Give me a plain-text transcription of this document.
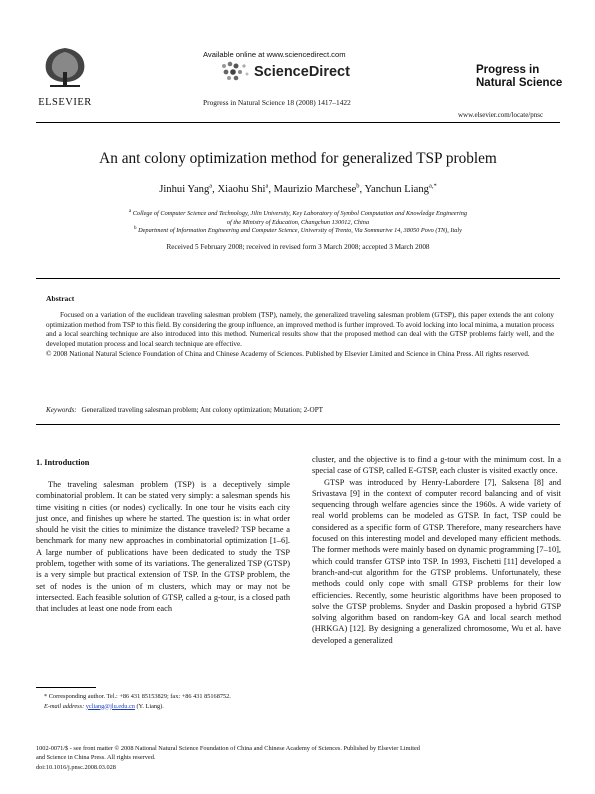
ELSEVIER
Available online at www.sciencedirect.com
ScienceDirect
Progress in Natural Science 18 (2008) 1417–1422
Progress in
Natural Science
www.elsevier.com/locate/pnsc
An ant colony optimization method for generalized TSP problem
Jinhui Yang$^a$, Xiaohu Shi$^a$, Maurizio Marchese$^b$, Yanchun Liang$^{a,*}$
$^a$ College of Computer Science and Technology, Jilin University, Key Laboratory of Symbol Computation and Knowledge Engineering
of the Ministry of Education, Changchun 130012, China
$^b$ Department of Information Engineering and Computer Science, University of Trento, Via Sommarive 14, 38050 Povo (TN), Italy
Received 5 February 2008; received in revised form 3 March 2008; accepted 3 March 2008
Abstract
Focused on a variation of the euclidean traveling salesman problem (TSP), namely, the generalized traveling salesman problem (GTSP), this paper extends the ant colony optimization method from TSP to this field. By considering the group influence, an improved method is further improved. To avoid locking into local minima, a mutation process and a local searching technique are also introduced into this method. Numerical results show that the proposed method can deal with the GTSP problems fairly well, and the developed mutation process and local search technique are effective.
© 2008 National Natural Science Foundation of China and Chinese Academy of Sciences. Published by Elsevier Limited and Science in China Press. All rights reserved.
Keywords: Generalized traveling salesman problem; Ant colony optimization; Mutation; 2-OPT
1. Introduction

The traveling salesman problem (TSP) is a deceptively simple combinatorial problem. It can be stated very simply: a salesman spends his time visiting n cities (or nodes) cyclically. In one tour he visits each city just once, and finishes up where he started. The question is: in what order should he visit the cities to minimize the distance traveled? TSP became a benchmark for many new approaches in combinatorial optimization [1–6]. A large number of publications have been dedicated to study the TSP problem, together with some of its variations. The generalized TSP (GTSP) is a very simple but practical extension of TSP. In the GTSP problem, the set of nodes is the union of m clusters, which may or may not be intersected. Each feasible solution of GTSP, called a g-tour, is a closed path that includes at least one node from each

* Corresponding author. Tel.: +86 431 85153829; fax: +86 431 85168752.
E-mail address: ycliang@jlu.edu.cn (Y. Liang).

cluster, and the objective is to find a g-tour with the minimum cost. In a special case of GTSP, called E-GTSP, each cluster is visited exactly once.

GTSP was introduced by Henry-Labordere [7], Saksena [8] and Srivastava [9] in the context of computer record balancing and of visit sequencing through welfare agencies since the 1960s. A wide variety of real world problems can be modeled as GTSP. In fact, TSP could be considered as a specific form of GTSP. Therefore, many researchers have focused on this interesting model and developed many efficient methods. The former methods were mainly based on dynamic programming [7–10], which could transfer GTSP into TSP. In 1993, Fischetti [11] developed a branch-and-cut algorithm for the GTSP problems. Unfortunately, these methods could only cope with small GTSP problems for their low efficiencies. Recently, some heuristic algorithms have been proposed to solve the GTSP problems. Snyder and Daskin proposed a hybrid GTSP solving algorithm based on random-key GA and local search method (HRKGA) [12]. By designing a generalized chromosome, Wu et al. have developed a generalized

1002-0071/$ - see front matter © 2008 National Natural Science Foundation of China and Chinese Academy of Sciences. Published by Elsevier Limited
and Science in China Press. All rights reserved.
doi:10.1016/j.pnsc.2008.03.028
